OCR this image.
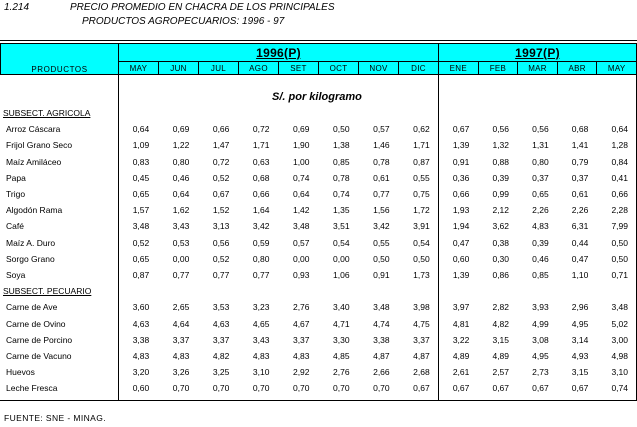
1.214	PRECIO PROMEDIO EN CHACRA DE LOS PRINCIPALES
PRODUCTOS AGROPECUARIOS: 1996 - 97
PRODUCTOS	1996(P)								1997(P)				
	MAY	JUN	JUL	AGO	SET	OCT	NOV	DIC	ENE	FEB	MAR	ABR	MAY
S/. por kilogramo
SUBSECT. AGRICOLA													
Arroz Cáscara	0,64	0,69	0,66	0,72	0,69	0,50	0,57	0,62	0,67	0,56	0,56	0,68	0,64
Frijol Grano Seco	1,09	1,22	1,47	1,71	1,90	1,38	1,46	1,71	1,39	1,32	1,31	1,41	1,28
Maíz Amiláceo	0,83	0,80	0,72	0,63	1,00	0,85	0,78	0,87	0,91	0,88	0,80	0,79	0,84
Papa	0,45	0,46	0,52	0,68	0,74	0,78	0,61	0,55	0,36	0,39	0,37	0,37	0,41
Trigo	0,65	0,64	0,67	0,66	0,64	0,74	0,77	0,75	0,66	0,99	0,65	0,61	0,66
Algodón Rama	1,57	1,62	1,52	1,64	1,42	1,35	1,56	1,72	1,93	2,12	2,26	2,26	2,28
Café	3,48	3,43	3,13	3,42	3,48	3,51	3,42	3,91	1,94	3,62	4,83	6,31	7,99
Maíz A. Duro	0,52	0,53	0,56	0,59	0,57	0,54	0,55	0,54	0,47	0,38	0,39	0,44	0,50
Sorgo Grano	0,65	0,00	0,52	0,80	0,00	0,00	0,50	0,50	0,60	0,30	0,46	0,47	0,50
Soya	0,87	0,77	0,77	0,77	0,93	1,06	0,91	1,73	1,39	0,86	0,85	1,10	0,71
SUBSECT. PECUARIO													
Carne de Ave	3,60	2,65	3,53	3,23	2,76	3,40	3,48	3,98	3,97	2,82	3,93	2,96	3,48
Carne de Ovino	4,63	4,64	4,63	4,65	4,67	4,71	4,74	4,75	4,81	4,82	4,99	4,95	5,02
Carne de Porcino	3,38	3,37	3,37	3,43	3,37	3,30	3,38	3,37	3,22	3,15	3,08	3,14	3,00
Carne de Vacuno	4,83	4,83	4,82	4,83	4,83	4,85	4,87	4,87	4,89	4,89	4,95	4,93	4,98
Huevos	3,20	3,26	3,25	3,10	2,92	2,76	2,66	2,68	2,61	2,57	2,73	3,15	3,10
Leche Fresca	0,60	0,70	0,70	0,70	0,70	0,70	0,70	0,67	0,67	0,67	0,67	0,67	0,74
FUENTE: SNE - MINAG.
